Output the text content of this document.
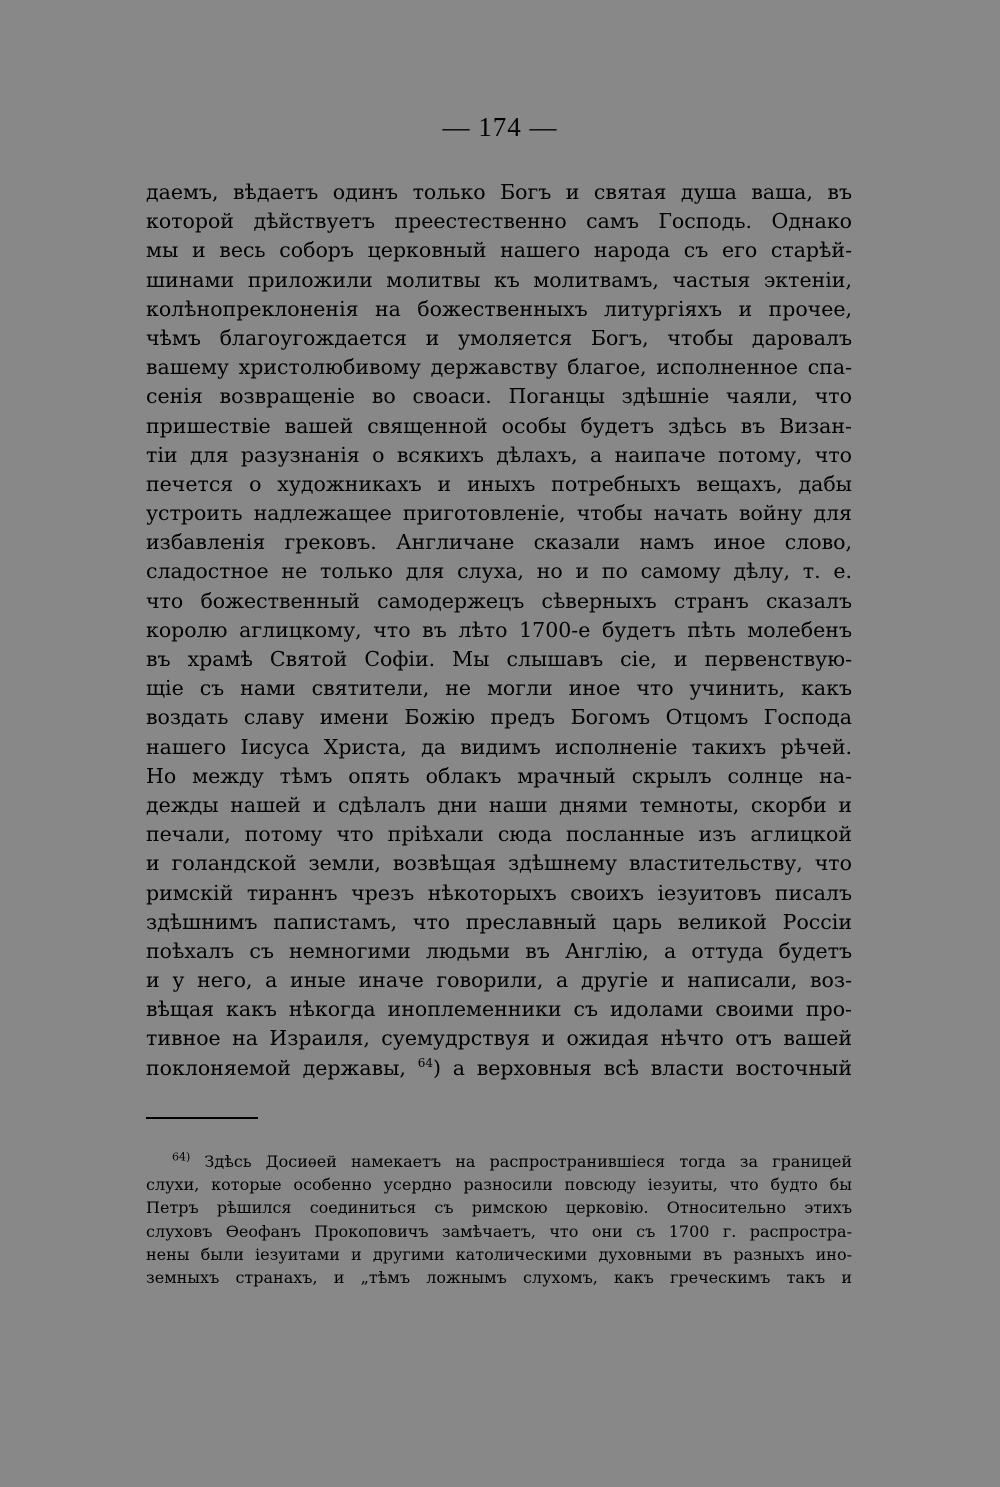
— 174 —
даемъ, вѣдаетъ одинъ только Богъ и святая душа ваша, въ
которой дѣйствуетъ преестественно самъ Господь. Однако
мы и весь соборъ церковный нашего народа съ его старѣй-
шинами приложили молитвы къ молитвамъ, частыя эктеніи,
колѣнопреклоненія на божественныхъ литургіяхъ и прочее,
чѣмъ благоугождается и умоляется Богъ, чтобы даровалъ
вашему христолюбивому державству благое, исполненное спа-
сенія возвращеніе во своаси. Поганцы здѣшніе чаяли, что
пришествіе вашей священной особы будетъ здѣсь въ Визан-
тіи для разузнанія о всякихъ дѣлахъ, а наипаче потому, что
печется о художникахъ и иныхъ потребныхъ вещахъ, дабы
устроить надлежащее приготовленіе, чтобы начать войну для
избавленія грековъ. Англичане сказали намъ иное слово,
сладостное не только для слуха, но и по самому дѣлу, т. е.
что божественный самодержецъ сѣверныхъ странъ сказалъ
королю аглицкому, что въ лѣто 1700-е будетъ пѣть молебенъ
въ храмѣ Святой Софіи. Мы слышавъ сіе, и первенствую-
щіе съ нами святители, не могли иное что учинить, какъ
воздать славу имени Божію предъ Богомъ Отцомъ Господа
нашего Іисуса Христа, да видимъ исполненіе такихъ рѣчей.
Но между тѣмъ опять облакъ мрачный скрылъ солнце на-
дежды нашей и сдѣлалъ дни наши днями темноты, скорби и
печали, потому что пріѣхали сюда посланные изъ аглицкой
и голандской земли, возвѣщая здѣшнему властительству, что
римскій тираннъ чрезъ нѣкоторыхъ своихъ іезуитовъ писалъ
здѣшнимъ папистамъ, что преславный царь великой Россіи
поѣхалъ съ немногими людьми въ Англію, а оттуда будетъ
и у него, а иные иначе говорили, а другіе и написали, воз-
вѣщая какъ нѣкогда иноплеменники съ идолами своими про-
тивное на Израиля, суемудрствуя и ожидая нѣчто отъ вашей
поклоняемой державы, $^{64}$) а верховныя всѣ власти восточный
$^{64)}$ Здѣсь Досиѳей намекаетъ на распространившiеся тогда за границей
слухи, которые особенно усердно разносили повсюду іезуиты, что будто бы
Петръ рѣшился соединиться съ римскою церковію. Относительно этихъ
слуховъ Ѳеофанъ Прокоповичъ замѣчаетъ, что они съ 1700 г. распростра-
нены были іезуитами и другими католическими духовными въ разныхъ ино-
земныхъ странахъ, и „тѣмъ ложнымъ слухомъ, какъ греческимъ такъ и
